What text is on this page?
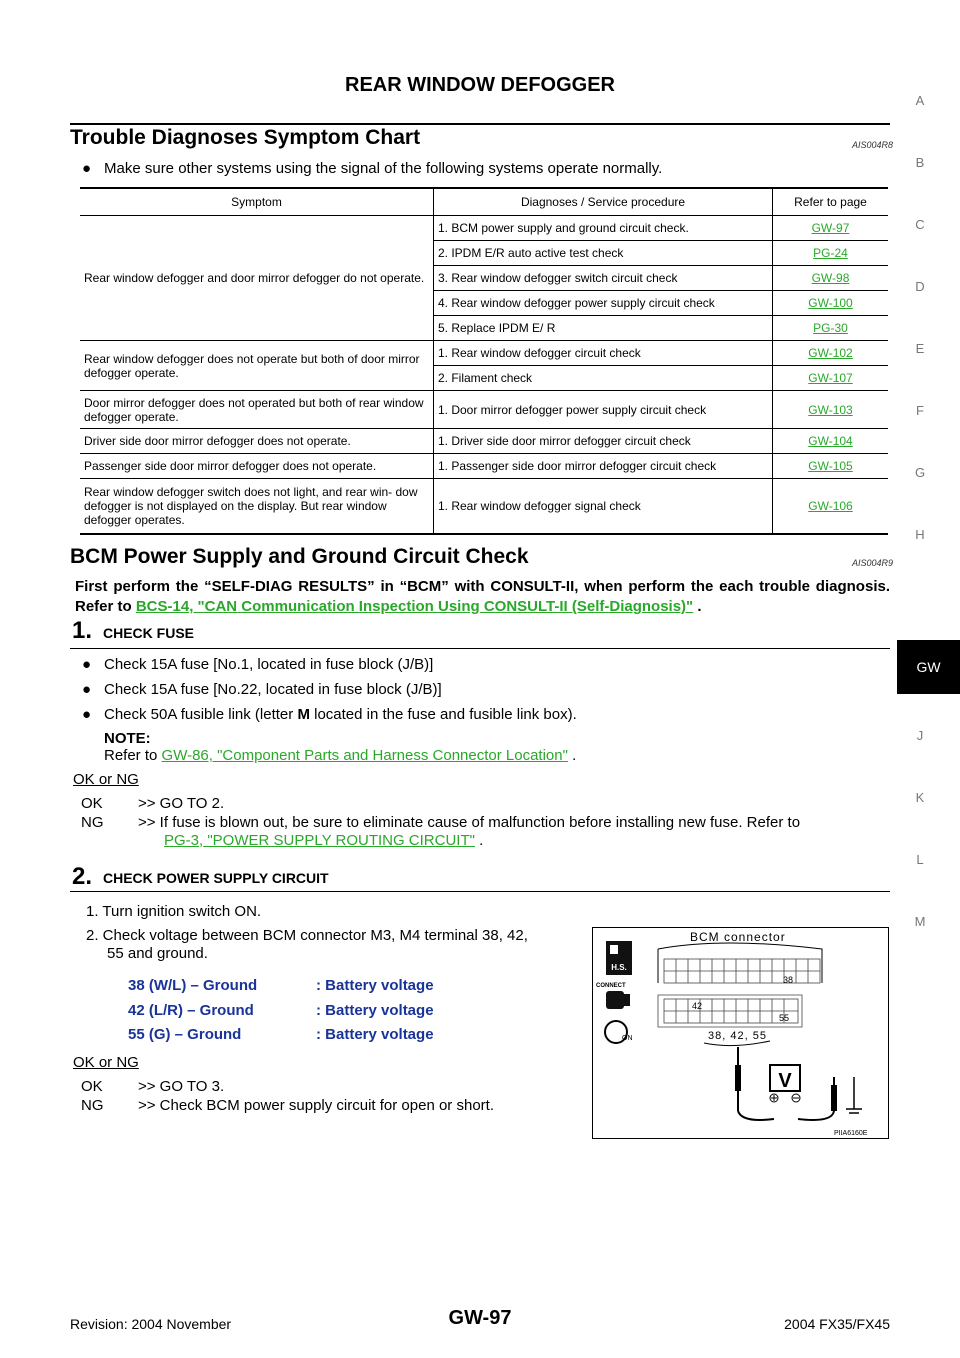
REAR WINDOW DEFOGGER
Trouble Diagnoses Symptom Chart	AIS004R8
● Make sure other systems using the signal of the following systems operate normally.
Symptom	Diagnoses / Service procedure	Refer to page
Rear window defogger and door mirror defogger do not operate.	1. BCM power supply and ground circuit check.	GW-97
	2. IPDM E/R auto active test check	PG-24
	3. Rear window defogger switch circuit check	GW-98
	4. Rear window defogger power supply circuit check	GW-100
	5. Replace IPDM E/ R	PG-30
Rear window defogger does not operate but both of door mirror defogger operate.	1. Rear window defogger circuit check	GW-102
	2. Filament check	GW-107
Door mirror defogger does not operated but both of rear window defogger operate.	1. Door mirror defogger power supply circuit check	GW-103
Driver side door mirror defogger does not operate.	1. Driver side door mirror defogger circuit check	GW-104
Passenger side door mirror defogger does not operate.	1. Passenger side door mirror defogger circuit check	GW-105
Rear window defogger switch does not light, and rear win- dow defogger is not displayed on the display. But rear window defogger operates.	1. Rear window defogger signal check	GW-106
BCM Power Supply and Ground Circuit Check	AIS004R9
First perform the “SELF-DIAG RESULTS” in “BCM” with CONSULT-II, when perform the each trouble diagnosis. Refer to BCS-14, "CAN Communication Inspection Using CONSULT-II (Self-Diagnosis)" .
1. CHECK FUSE
● Check 15A fuse [No.1, located in fuse block (J/B)]
● Check 15A fuse [No.22, located in fuse block (J/B)]
● Check 50A fusible link (letter M located in the fuse and fusible link box).
NOTE:
Refer to GW-86, "Component Parts and Harness Connector Location" .
OK or NG
OK >> GO TO 2.
NG >> If fuse is blown out, be sure to eliminate cause of malfunction before installing new fuse. Refer to
PG-3, "POWER SUPPLY ROUTING CIRCUIT" .
2. CHECK POWER SUPPLY CIRCUIT
1. Turn ignition switch ON.
2. Check voltage between BCM connector M3, M4 terminal 38, 42,
55 and ground.
38 (W/L) – Ground	: Battery voltage
42 (L/R) – Ground	: Battery voltage
55 (G) – Ground	: Battery voltage
OK or NG
OK >> GO TO 3.
NG >> Check BCM power supply circuit for open or short.
H.S.
CONNECT
ON
BCM connector
38
42
55
38, 42, 55
V
PIIA6160E
A
B
C
D
E
F
G
H
GW
J
K
L
M
Revision: 2004 November	GW-97	2004 FX35/FX45
